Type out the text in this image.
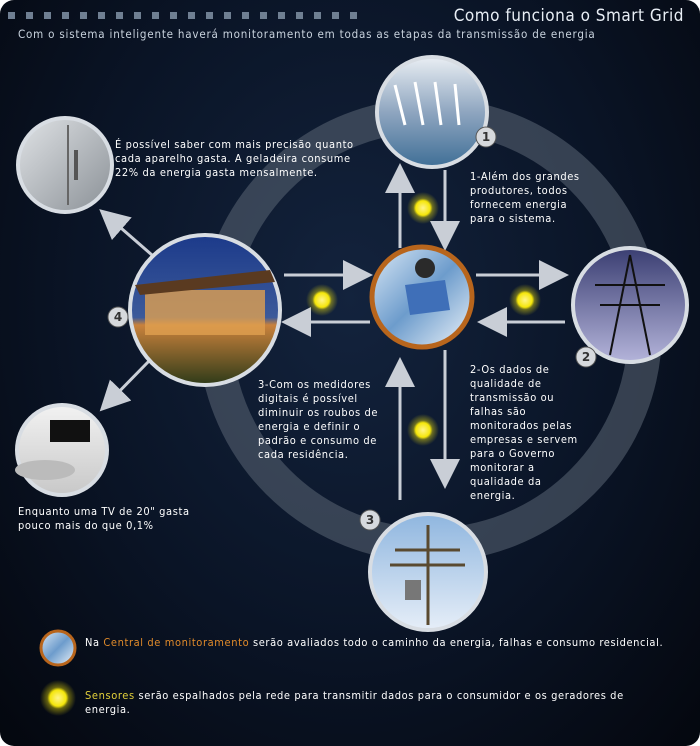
Como funciona o Smart Grid
Com o sistema inteligente haverá monitoramento em todas as etapas da transmissão de energia
1
2
3
4
É possível saber com mais precisão quanto cada aparelho gasta. A geladeira consume 22% da energia gasta mensalmente.	1-Além dos grandes produtores, todos fornecem energia para o sistema.
2-Os dados de qualidade de transmissão ou falhas são monitorados pelas empresas e servem para o Governo monitorar a qualidade da energia.
3-Com os medidores digitais é possível diminuir os roubos de energia e definir o padrão e consumo de cada residência.
Enquanto uma TV de 20" gasta pouco mais do que 0,1%
Na Central de monitoramento serão avaliados todo o caminho da energia, falhas e consumo residencial.
Sensores serão espalhados pela rede para transmitir dados para o consumidor e os geradores de energia.
